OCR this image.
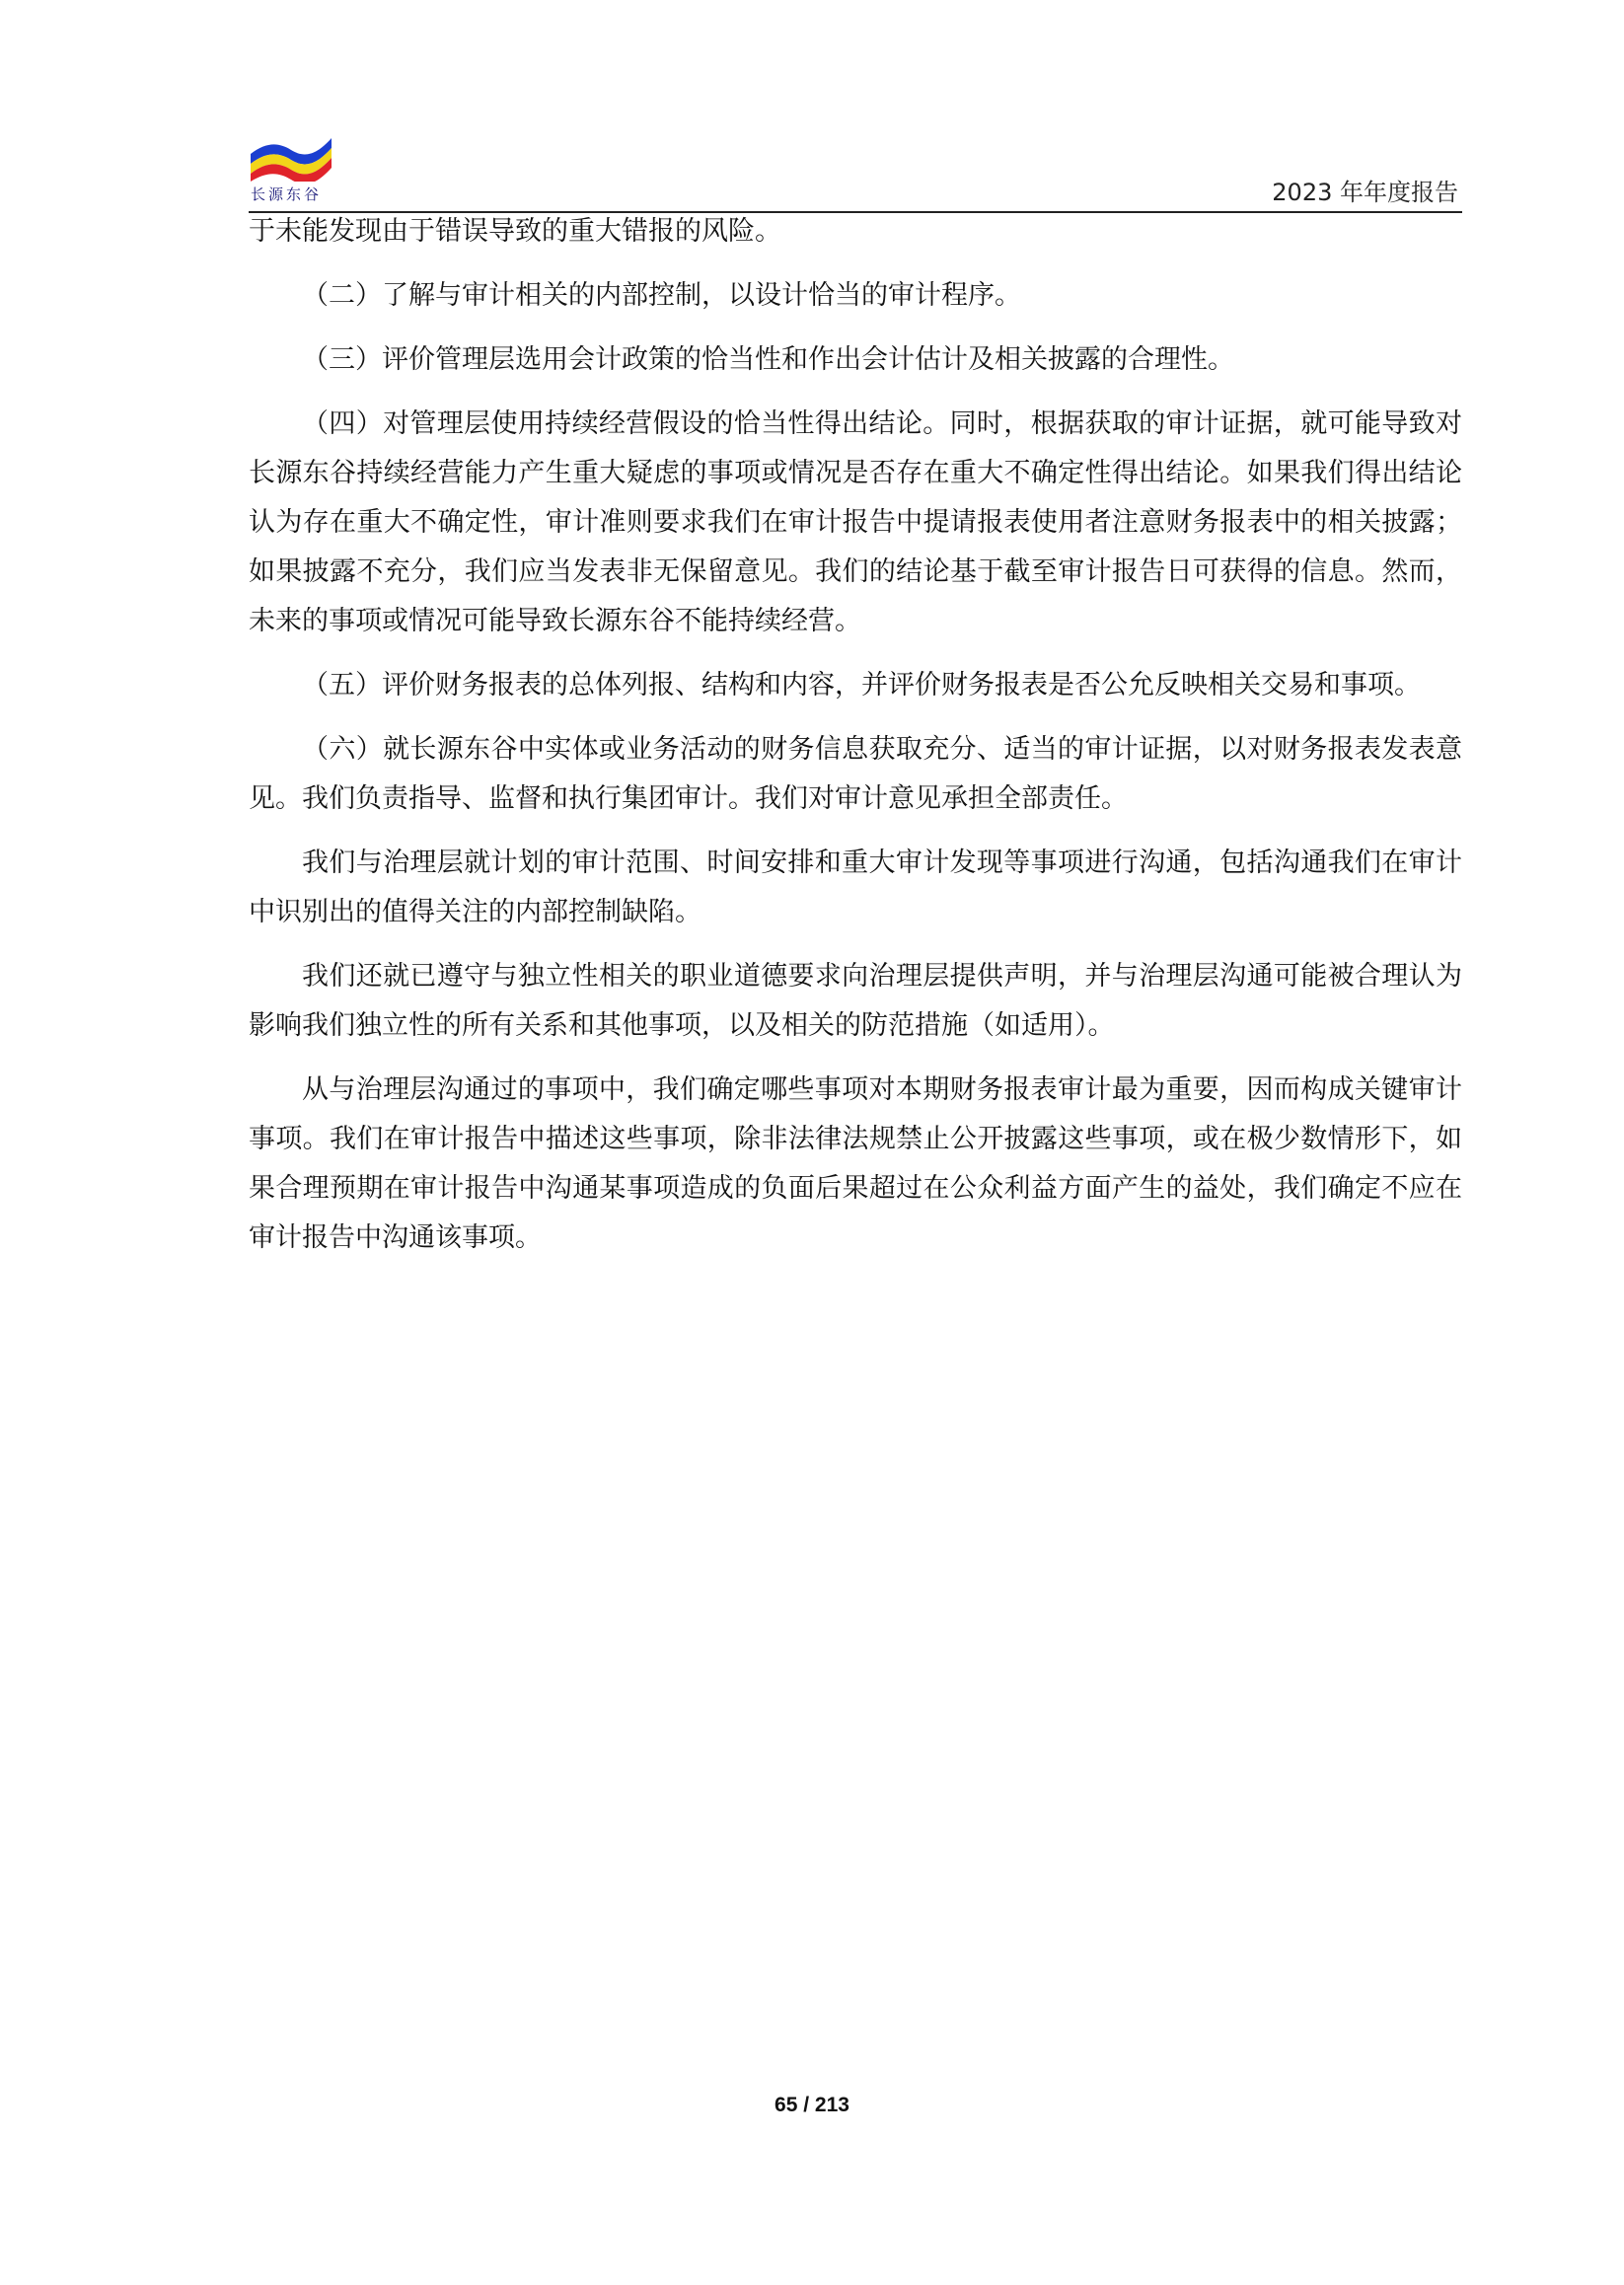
长源东谷	2023 年年度报告

于未能发现由于错误导致的重大错报的风险。

（二）了解与审计相关的内部控制，以设计恰当的审计程序。

（三）评价管理层选用会计政策的恰当性和作出会计估计及相关披露的合理性。

（四）对管理层使用持续经营假设的恰当性得出结论。同时，根据获取的审计证据，就可能导致对长源东谷持续经营能力产生重大疑虑的事项或情况是否存在重大不确定性得出结论。如果我们得出结论认为存在重大不确定性，审计准则要求我们在审计报告中提请报表使用者注意财务报表中的相关披露；如果披露不充分，我们应当发表非无保留意见。我们的结论基于截至审计报告日可获得的信息。然而，未来的事项或情况可能导致长源东谷不能持续经营。

（五）评价财务报表的总体列报、结构和内容，并评价财务报表是否公允反映相关交易和事项。

（六）就长源东谷中实体或业务活动的财务信息获取充分、适当的审计证据，以对财务报表发表意见。我们负责指导、监督和执行集团审计。我们对审计意见承担全部责任。

我们与治理层就计划的审计范围、时间安排和重大审计发现等事项进行沟通，包括沟通我们在审计中识别出的值得关注的内部控制缺陷。

我们还就已遵守与独立性相关的职业道德要求向治理层提供声明，并与治理层沟通可能被合理认为影响我们独立性的所有关系和其他事项，以及相关的防范措施（如适用）。

从与治理层沟通过的事项中，我们确定哪些事项对本期财务报表审计最为重要，因而构成关键审计事项。我们在审计报告中描述这些事项，除非法律法规禁止公开披露这些事项，或在极少数情形下，如果合理预期在审计报告中沟通某事项造成的负面后果超过在公众利益方面产生的益处，我们确定不应在审计报告中沟通该事项。

65 / 213
